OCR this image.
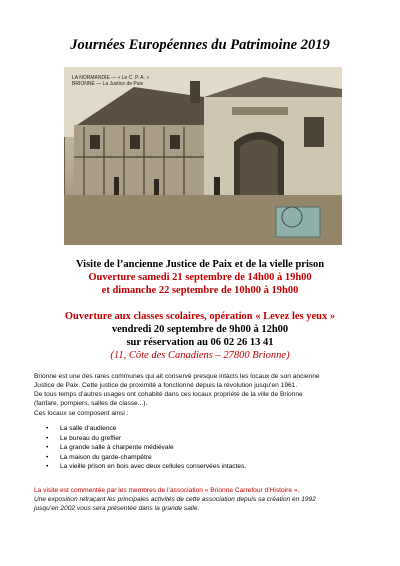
Journées Européennes du Patrimoine 2019
LA NORMANDIE — « Le C. P. A. »
BRIONNE — La Justice de Paix
Visite de l’ancienne Justice de Paix et de la vielle prison
Ouverture samedi 21 septembre de 14h00 à 19h00
et dimanche 22 septembre de 10h00 à 19h00
Ouverture aux classes scolaires, opération « Levez les yeux »
vendredi 20 septembre de 9h00 à 12h00
sur réservation au 06 02 26 13 41
(11, Côte des Canadiens – 27800 Brionne)
Brionne est une des rares communes qui ait conservé presque intacts les locaux de son ancienne
Justice de Paix. Cette justice de proximité a fonctionné depuis la révolution jusqu’en 1961.
De tous temps d’autres usages ont cohabité dans ces locaux propriété de la ville de Brionne
(fanfare, pompiers, salles de classe...).
Ces locaux se composent ainsi :
• La salle d’audience
• Le bureau du greffier
• La grande salle à charpente médiévale
• La maison du garde-champêtre
• La vieille prison en bois avec deux cellules conservées intactes.
La visite est commentée par les membres de l’association « Brionne Carrefour d’Histoire ».
Une exposition retraçant les principales activités de cette association depuis sa création en 1992
jusqu’en 2002 vous sera présentée dans la grande salle.
